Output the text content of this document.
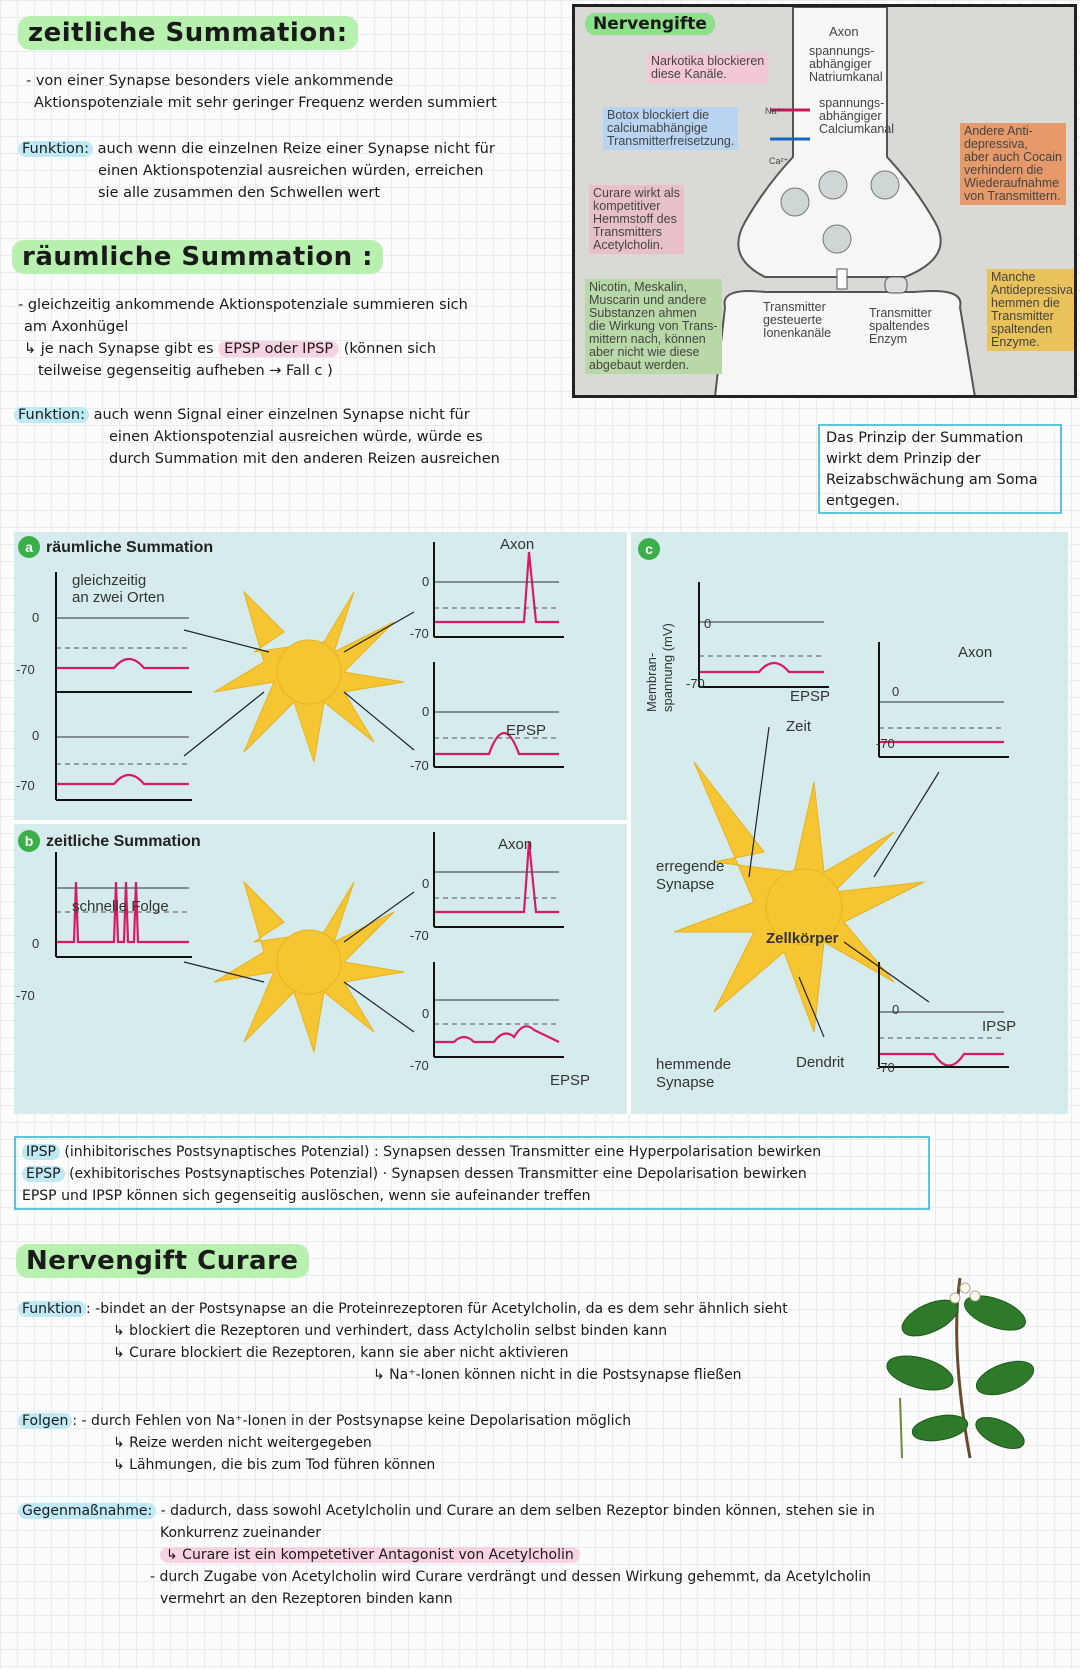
zeitliche Summation:

- von einer Synapse besonders viele ankommende

Aktionspotenziale mit sehr geringer Frequenz werden summiert

Funktion: auch wenn die einzelnen Reize einer Synapse nicht für

einen Aktionspotenzial ausreichen würden, erreichen

sie alle zusammen den Schwellen wert

räumliche Summation :

- gleichzeitig ankommende Aktionspotenziale summieren sich

am Axonhügel

↳ je nach Synapse gibt es EPSP oder IPSP (können sich

teilweise gegenseitig aufheben → Fall c )

Funktion: auch wenn Signal einer einzelnen Synapse nicht für

einen Aktionspotenzial ausreichen würde, würde es

durch Summation mit den anderen Reizen ausreichen

Das Prinzip der Summation

wirkt dem Prinzip der

Reizabschwächung am Soma

entgegen.

Nervengifte	Axon
spannungs-
abhängiger
Natriumkanal
spannungs-
abhängiger
Calciumkanal
Narkotika blockieren
diese Kanäle.
Botox blockiert die
calciumabhängige
Transmitterfreisetzung.
Curare wirkt als
kompetitiver
Hemmstoff des
Transmitters
Acetylcholin.
Nicotin, Meskalin,
Muscarin und andere
Substanzen ahmen
die Wirkung von Trans-
mittern nach, können
aber nicht wie diese
abgebaut werden.
Andere Anti-
depressiva,
aber auch Cocain
verhindern die
Wiederaufnahme
von Transmittern.
Manche
Antidepressiva
hemmen die
Transmitter
spaltenden
Enzyme.
Transmitter
gesteuerte
Ionenkanäle
Transmitter
spaltendes
Enzym
Na⁺
Ca²⁺
a räumliche Summation
gleichzeitig
an zwei Orten
b zeitliche Summation
schnelle Folge
c
Axon
EPSP
Axon
EPSP
Axon
EPSP
Zeit
IPSP
Membran-
spannung (mV)
erregende
Synapse
hemmende
Synapse
Zellkörper
Dendrit
0
-70
0
-70
0
-70
0
-70
0
-70
0
-70
0
-70
0
-70
0
-70
0
-70

IPSP (inhibitorisches Postsynaptisches Potenzial) : Synapsen dessen Transmitter eine Hyperpolarisation bewirken

EPSP (exhibitorisches Postsynaptisches Potenzial) · Synapsen dessen Transmitter eine Depolarisation bewirken

EPSP und IPSP können sich gegenseitig auslöschen, wenn sie aufeinander treffen

Nervengift Curare

Funktion : -bindet an der Postsynapse an die Proteinrezeptoren für Acetylcholin, da es dem sehr ähnlich sieht

↳ blockiert die Rezeptoren und verhindert, dass Actylcholin selbst binden kann

↳ Curare blockiert die Rezeptoren, kann sie aber nicht aktivieren

↳ Na⁺-Ionen können nicht in die Postsynapse fließen

Folgen : - durch Fehlen von Na⁺-Ionen in der Postsynapse keine Depolarisation möglich

↳ Reize werden nicht weitergegeben

↳ Lähmungen, die bis zum Tod führen können

Gegenmaßnahme: - dadurch, dass sowohl Acetylcholin und Curare an dem selben Rezeptor binden können, stehen sie in

Konkurrenz zueinander

↳ Curare ist ein kompetetiver Antagonist von Acetylcholin

- durch Zugabe von Acetylcholin wird Curare verdrängt und dessen Wirkung gehemmt, da Acetylcholin

vermehrt an den Rezeptoren binden kann
